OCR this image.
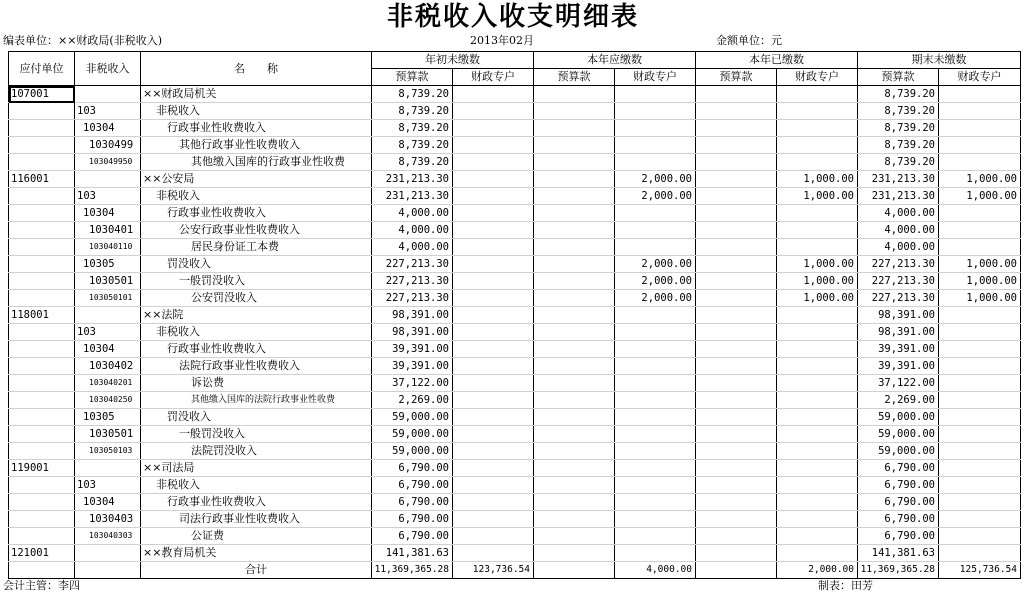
非税收入收支明细表
编表单位：××财政局(非税收入)	2013年02月	金额单位：元
应付单位	非税收入	名　　称	年初未缴数		本年应缴数		本年已缴数		期末未缴数	
			预算款	财政专户	预算款	财政专户	预算款	财政专户	预算款	财政专户
107001		××财政局机关	8,739.20						8,739.20	
	103	非税收入	8,739.20						8,739.20	
	10304	行政事业性收费收入	8,739.20						8,739.20	
	1030499	其他行政事业性收费收入	8,739.20						8,739.20	
	103049950	其他缴入国库的行政事业性收费	8,739.20						8,739.20	
116001		××公安局	231,213.30			2,000.00		1,000.00	231,213.30	1,000.00
	103	非税收入	231,213.30			2,000.00		1,000.00	231,213.30	1,000.00
	10304	行政事业性收费收入	4,000.00						4,000.00	
	1030401	公安行政事业性收费收入	4,000.00						4,000.00	
	103040110	居民身份证工本费	4,000.00						4,000.00	
	10305	罚没收入	227,213.30			2,000.00		1,000.00	227,213.30	1,000.00
	1030501	一般罚没收入	227,213.30			2,000.00		1,000.00	227,213.30	1,000.00
	103050101	公安罚没收入	227,213.30			2,000.00		1,000.00	227,213.30	1,000.00
118001		××法院	98,391.00						98,391.00	
	103	非税收入	98,391.00						98,391.00	
	10304	行政事业性收费收入	39,391.00						39,391.00	
	1030402	法院行政事业性收费收入	39,391.00						39,391.00	
	103040201	诉讼费	37,122.00						37,122.00	
	103040250	其他缴入国库的法院行政事业性收费	2,269.00						2,269.00	
	10305	罚没收入	59,000.00						59,000.00	
	1030501	一般罚没收入	59,000.00						59,000.00	
	103050103	法院罚没收入	59,000.00						59,000.00	
119001		××司法局	6,790.00						6,790.00	
	103	非税收入	6,790.00						6,790.00	
	10304	行政事业性收费收入	6,790.00						6,790.00	
	1030403	司法行政事业性收费收入	6,790.00						6,790.00	
	103040303	公证费	6,790.00						6,790.00	
121001		××教育局机关	141,381.63						141,381.63	
		合计	11,369,365.28	123,736.54		4,000.00		2,000.00	11,369,365.28	125,736.54
会计主管：李四	制表：田芳
